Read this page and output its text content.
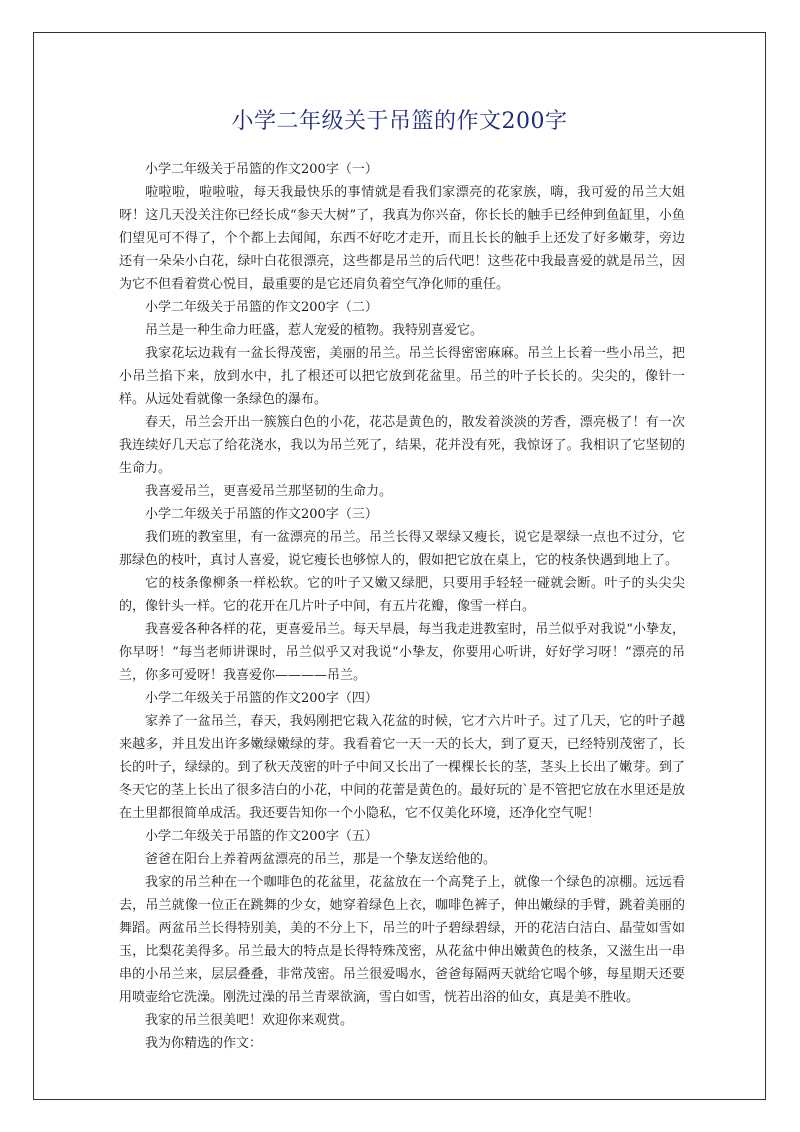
小学二年级关于吊篮的作文200字

小学二年级关于吊篮的作文200字（一）

啦啦啦，啦啦啦，每天我最快乐的事情就是看我们家漂亮的花家族，嗨，我可爱的吊兰大姐呀！这几天没关注你已经长成“参天大树”了，我真为你兴奋，你长长的触手已经伸到鱼缸里，小鱼们望见可不得了，个个都上去闻闻，东西不好吃才走开，而且长长的触手上还发了好多嫩芽，旁边还有一朵朵小白花，绿叶白花很漂亮，这些都是吊兰的后代吧！这些花中我最喜爱的就是吊兰，因为它不但看着赏心悦目，最重要的是它还肩负着空气净化师的重任。

小学二年级关于吊篮的作文200字（二）

吊兰是一种生命力旺盛，惹人宠爱的植物。我特别喜爱它。

我家花坛边栽有一盆长得茂密，美丽的吊兰。吊兰长得密密麻麻。吊兰上长着一些小吊兰，把小吊兰掐下来，放到水中，扎了根还可以把它放到花盆里。吊兰的叶子长长的。尖尖的，像针一样。从远处看就像一条绿色的瀑布。

春天，吊兰会开出一簇簇白色的小花，花芯是黄色的，散发着淡淡的芳香，漂亮极了！有一次我连续好几天忘了给花浇水，我以为吊兰死了，结果，花并没有死，我惊讶了。我相识了它坚韧的生命力。

我喜爱吊兰，更喜爱吊兰那坚韧的生命力。

小学二年级关于吊篮的作文200字（三）

我们班的教室里，有一盆漂亮的吊兰。吊兰长得又翠绿又瘦长，说它是翠绿一点也不过分，它那绿色的枝叶，真讨人喜爱，说它瘦长也够惊人的，假如把它放在桌上，它的枝条快遇到地上了。

它的枝条像柳条一样松软。它的叶子又嫩又绿肥，只要用手轻轻一碰就会断。叶子的头尖尖的，像针头一样。它的花开在几片叶子中间，有五片花瓣，像雪一样白。

我喜爱各种各样的花，更喜爱吊兰。每天早晨，每当我走进教室时，吊兰似乎对我说“小挚友，你早呀！”每当老师讲课时，吊兰似乎又对我说“小挚友，你要用心听讲，好好学习呀！”漂亮的吊兰，你多可爱呀！我喜爱你————吊兰。

小学二年级关于吊篮的作文200字（四）

家养了一盆吊兰，春天，我妈刚把它栽入花盆的时候，它才六片叶子。过了几天，它的叶子越来越多，并且发出许多嫩绿嫩绿的芽。我看着它一天一天的长大，到了夏天，已经特别茂密了，长长的叶子，绿绿的。到了秋天茂密的叶子中间又长出了一棵棵长长的茎，茎头上长出了嫩芽。到了冬天它的茎上长出了很多洁白的小花，中间的花蕾是黄色的。最好玩的`是不管把它放在水里还是放在土里都很简单成活。我还要告知你一个小隐私，它不仅美化环境，还净化空气呢！

小学二年级关于吊篮的作文200字（五）

爸爸在阳台上养着两盆漂亮的吊兰，那是一个挚友送给他的。

我家的吊兰种在一个咖啡色的花盆里，花盆放在一个高凳子上，就像一个绿色的凉棚。远远看去，吊兰就像一位正在跳舞的少女，她穿着绿色上衣，咖啡色裤子，伸出嫩绿的手臂，跳着美丽的舞蹈。两盆吊兰长得特别美，美的不分上下，吊兰的叶子碧绿碧绿，开的花洁白洁白、晶莹如雪如玉，比梨花美得多。吊兰最大的特点是长得特殊茂密，从花盆中伸出嫩黄色的枝条，又滋生出一串串的小吊兰来，层层叠叠，非常茂密。吊兰很爱喝水，爸爸每隔两天就给它喝个够，每星期天还要用喷壶给它洗澡。刚洗过澡的吊兰青翠欲滴，雪白如雪，恍若出浴的仙女，真是美不胜收。

我家的吊兰很美吧！欢迎你来观赏。

我为你精选的作文：
